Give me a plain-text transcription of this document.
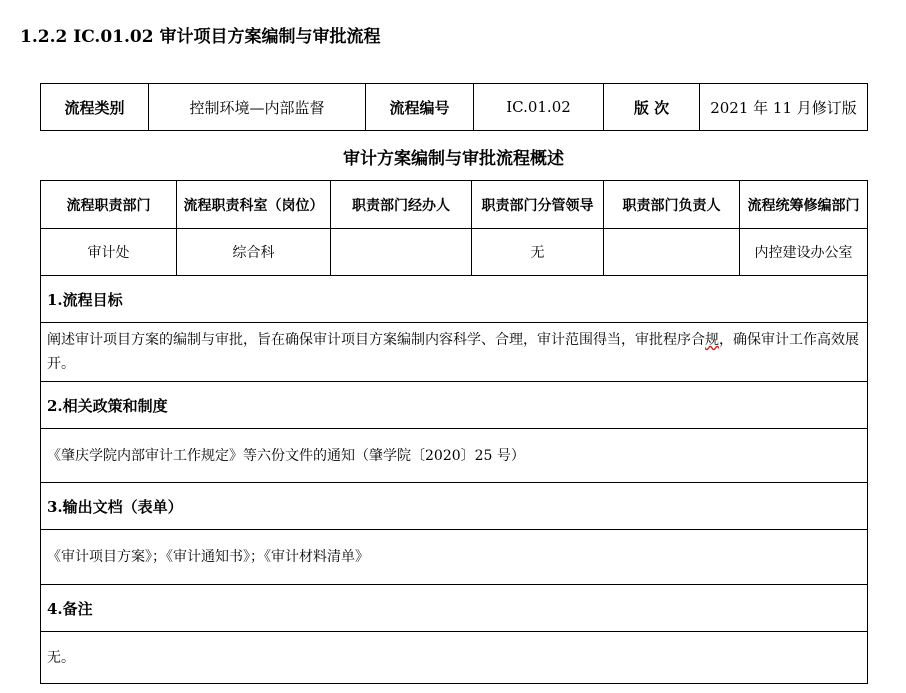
1.2.2 IC.01.02 审计项目方案编制与审批流程
流程类别	控制环境—内部监督	流程编号	IC.01.02	版 次	2021 年 11 月修订版
审计方案编制与审批流程概述
流程职责部门	流程职责科室（岗位）	职责部门经办人	职责部门分管领导	职责部门负责人	流程统筹修编部门
审计处	综合科		无		内控建设办公室
1.流程目标					
阐述审计项目方案的编制与审批，旨在确保审计项目方案编制内容科学、合理，审计范围得当，审批程序合规，确保审计工作高效展开。					
2.相关政策和制度					
《肇庆学院内部审计工作规定》等六份文件的通知（肇学院〔2020〕25 号）					
3.输出文档（表单）					
《审计项目方案》；《审计通知书》；《审计材料清单》					
4.备注					
无。					
